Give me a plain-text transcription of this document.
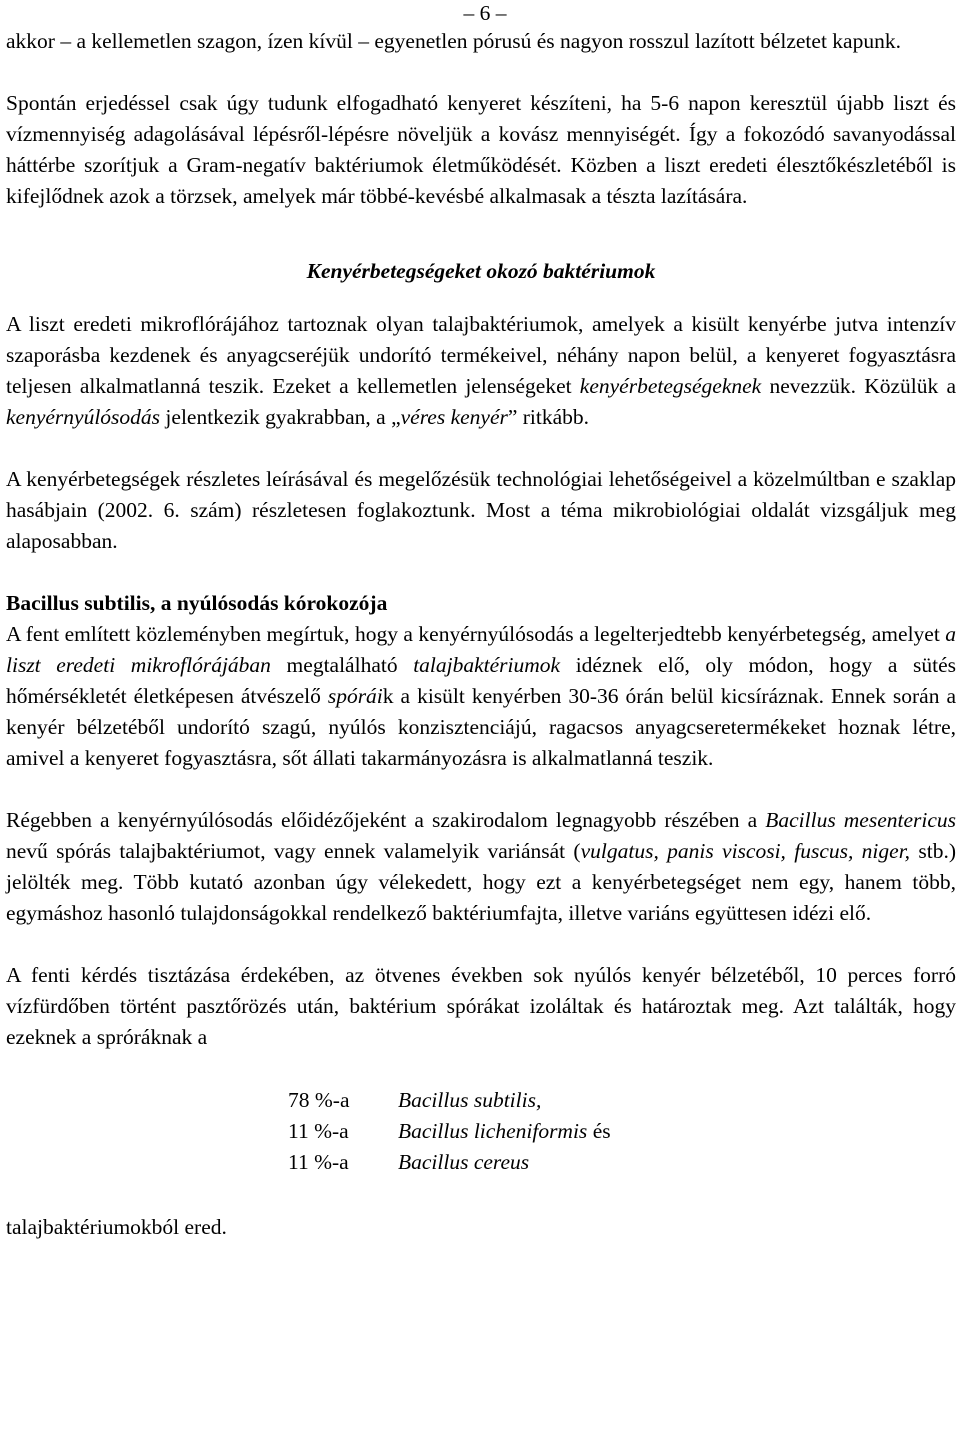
– 6 –

akkor – a kellemetlen szagon, ízen kívül – egyenetlen pórusú és nagyon rosszul lazított bélzetet kapunk.

Spontán erjedéssel csak úgy tudunk elfogadható kenyeret készíteni, ha 5-6 napon keresztül újabb liszt és vízmennyiség adagolásával lépésről-lépésre növeljük a kovász mennyiségét. Így a fokozódó savanyodással háttérbe szorítjuk a Gram-negatív baktériumok életműködését. Közben a liszt eredeti élesztőkészletéből is kifejlődnek azok a törzsek, amelyek már többé-kevésbé alkalmasak a tészta lazítására.

Kenyérbetegségeket okozó baktériumok

A liszt eredeti mikroflórájához tartoznak olyan talajbaktériumok, amelyek a kisült kenyérbe jutva intenzív szaporásba kezdenek és anyagcseréjük undorító termékeivel, néhány napon belül, a kenyeret fogyasztásra teljesen alkalmatlanná teszik. Ezeket a kellemetlen jelenségeket kenyérbetegségeknek nevezzük. Közülük a kenyérnyúlósodás jelentkezik gyakrabban, a „véres kenyér” ritkább.

A kenyérbetegségek részletes leírásával és megelőzésük technológiai lehetőségeivel a közelmúltban e szaklap hasábjain (2002. 6. szám) részletesen foglakoztunk. Most a téma mikrobiológiai oldalát vizsgáljuk meg alaposabban.

Bacillus subtilis, a nyúlósodás kórokozója

A fent említett közleményben megírtuk, hogy a kenyérnyúlósodás a legelterjedtebb kenyérbetegség, amelyet a liszt eredeti mikroflórájában megtalálható talajbaktériumok idéznek elő, oly módon, hogy a sütés hőmérsékletét életképesen átvészelő spóráik a kisült kenyérben 30-36 órán belül kicsíráznak. Ennek során a kenyér bélzetéből undorító szagú, nyúlós konzisztenciájú, ragacsos anyagcseretermékeket hoznak létre, amivel a kenyeret fogyasztásra, sőt állati takarmányozásra is alkalmatlanná teszik.

Régebben a kenyérnyúlósodás előidézőjeként a szakirodalom legnagyobb részében a Bacillus mesentericus nevű spórás talajbaktériumot, vagy ennek valamelyik variánsát (vulgatus, panis viscosi, fuscus, niger, stb.) jelölték meg. Több kutató azonban úgy vélekedett, hogy ezt a kenyérbetegséget nem egy, hanem több, egymáshoz hasonló tulajdonságokkal rendelkező baktériumfajta, illetve variáns együttesen idézi elő.

A fenti kérdés tisztázása érdekében, az ötvenes években sok nyúlós kenyér bélzetéből, 10 perces forró vízfürdőben történt pasztőrözés után, baktérium spórákat izoláltak és határoztak meg. Azt találták, hogy ezeknek a spróráknak a

78 %-a Bacillus subtilis,
11 %-a Bacillus licheniformis és
11 %-a Bacillus cereus

talajbaktériumokból ered.
